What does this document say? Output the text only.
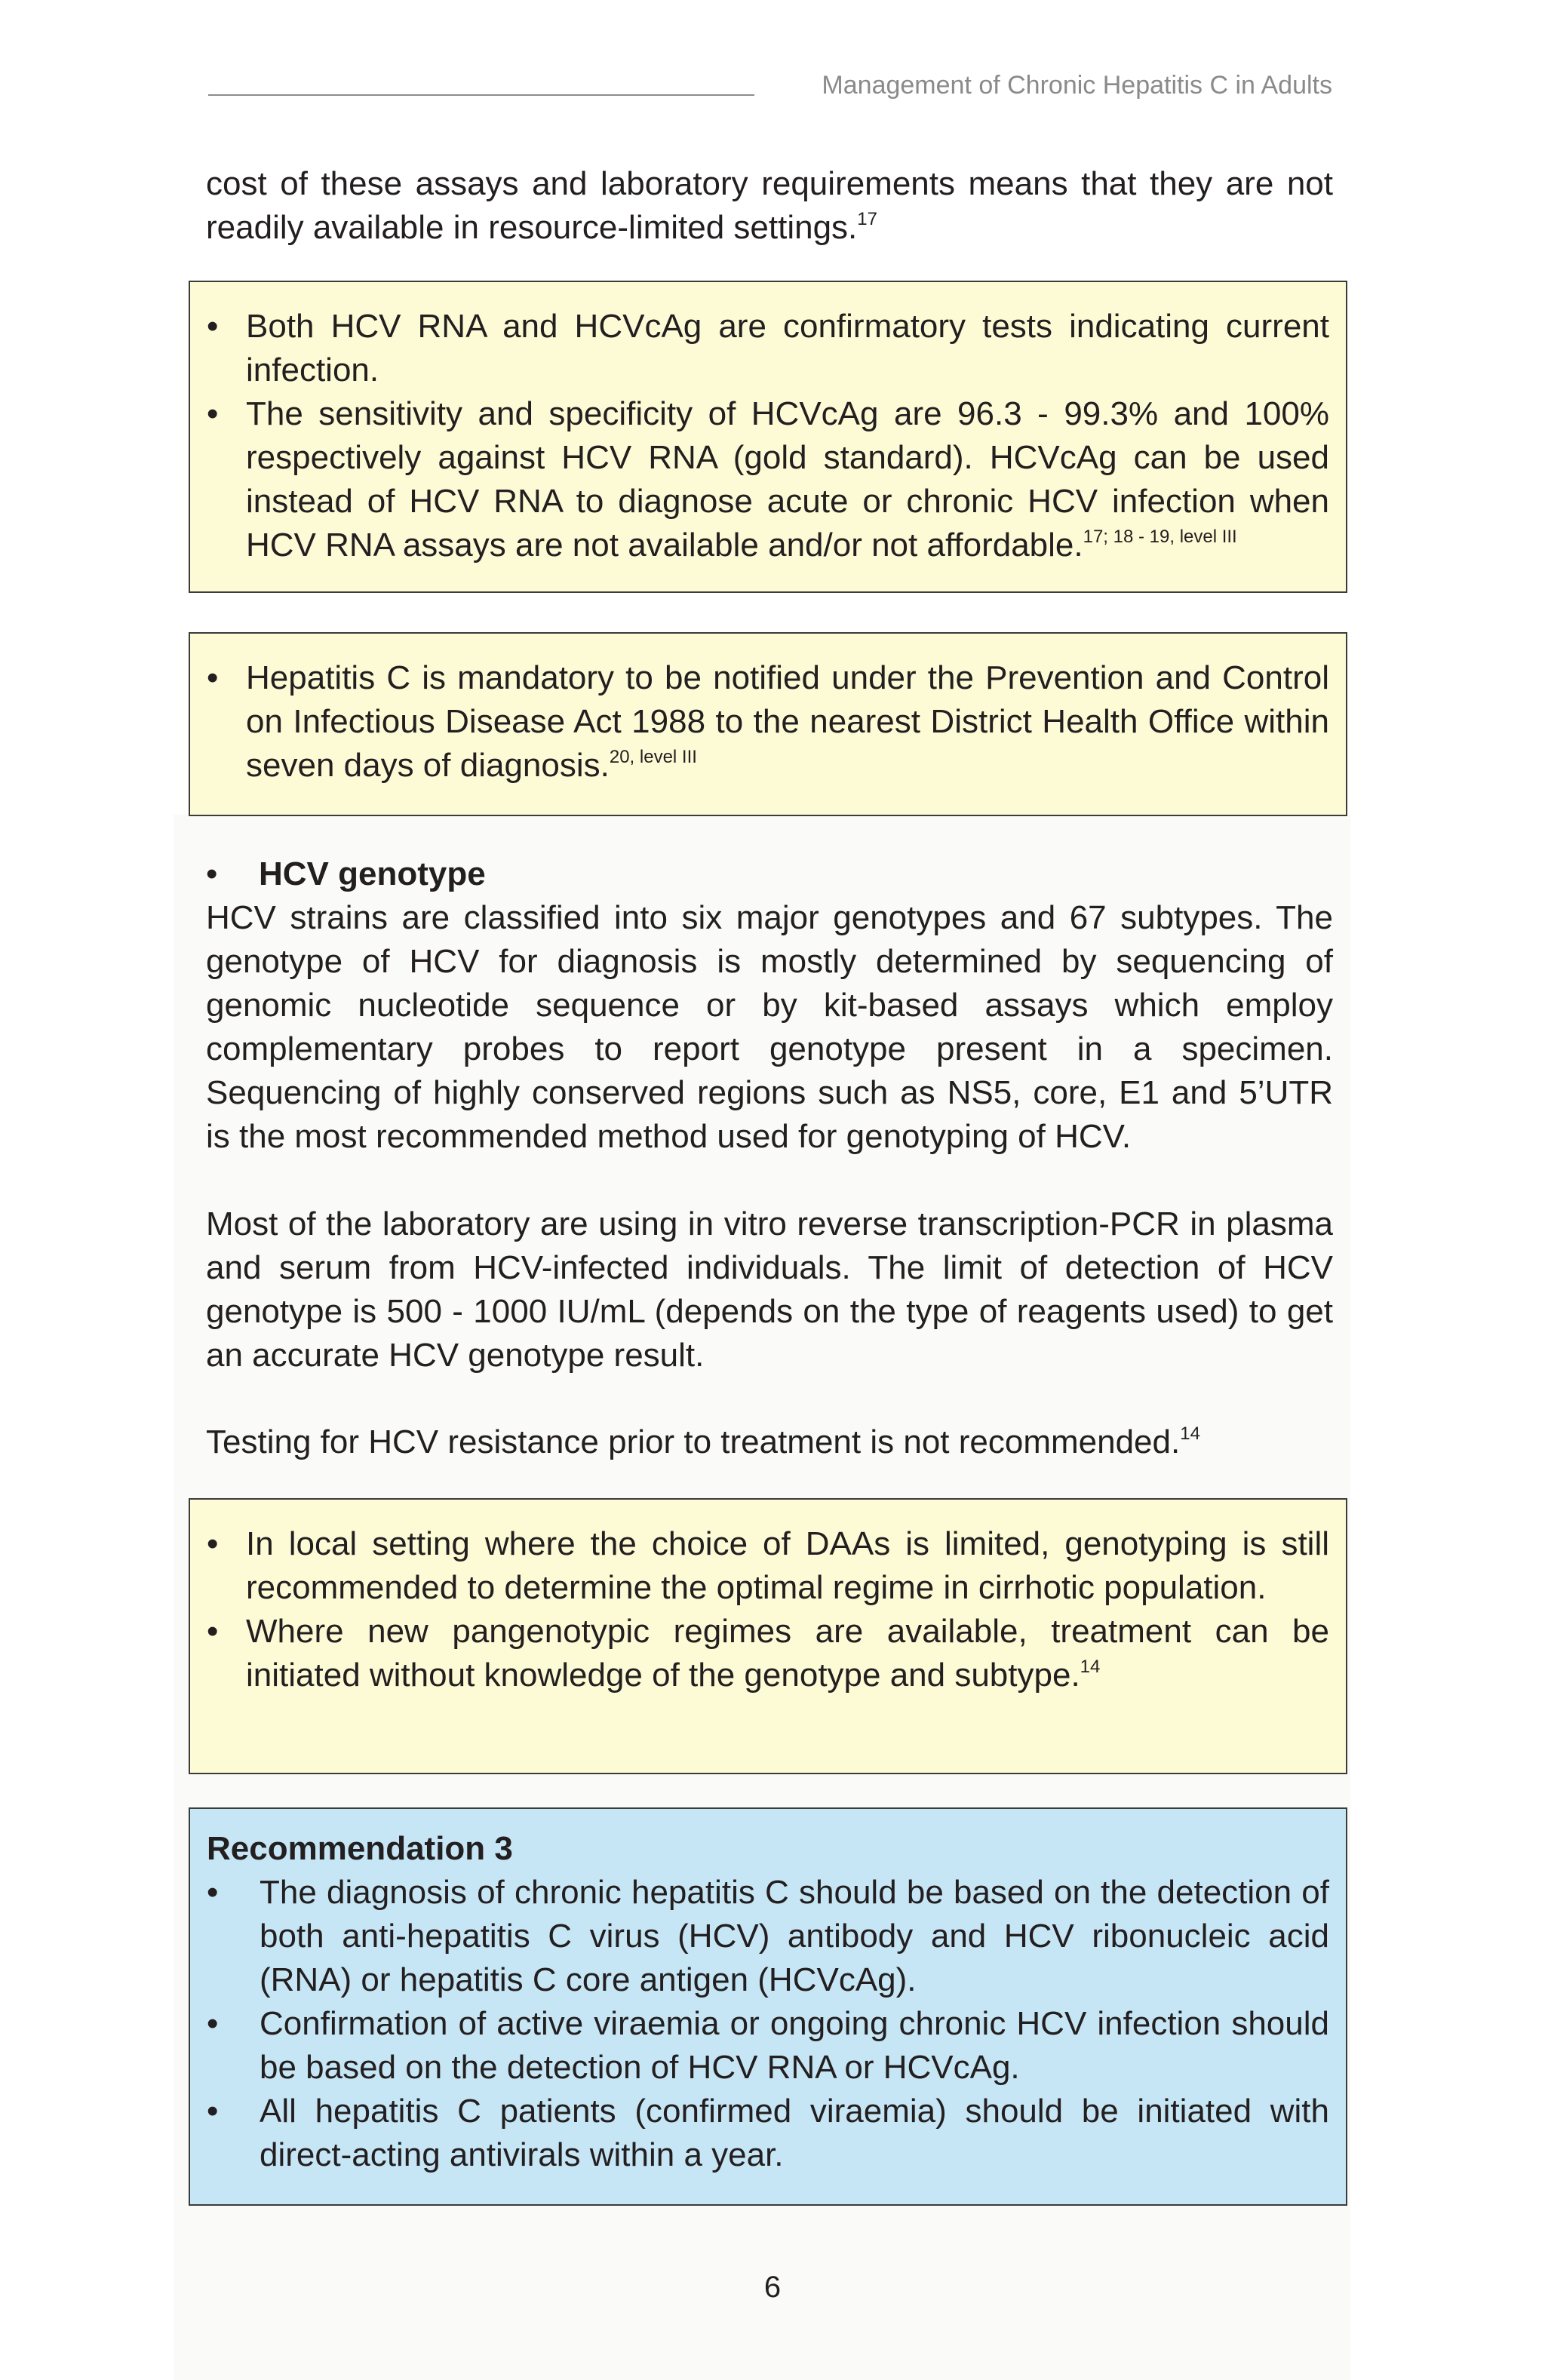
Management of Chronic Hepatitis C in Adults
cost of these assays and laboratory requirements means that they are not readily available in resource-limited settings.$^{17}$
• Both HCV RNA and HCVcAg are confirmatory tests indicating current infection.
• The sensitivity and specificity of HCVcAg are 96.3 - 99.3% and 100% respectively against HCV RNA (gold standard). HCVcAg can be used instead of HCV RNA to diagnose acute or chronic HCV infection when HCV RNA assays are not available and/or not affordable.$^{17; 18 - 19, level III}$
• Hepatitis C is mandatory to be notified under the Prevention and Control on Infectious Disease Act 1988 to the nearest District Health Office within seven days of diagnosis.$^{20, level III}$
• HCV genotype
HCV strains are classified into six major genotypes and 67 subtypes. The genotype of HCV for diagnosis is mostly determined by sequencing of genomic nucleotide sequence or by kit-based assays which employ complementary probes to report genotype present in a specimen. Sequencing of highly conserved regions such as NS5, core, E1 and 5’UTR is the most recommended method used for genotyping of HCV.
Most of the laboratory are using in vitro reverse transcription-PCR in plasma and serum from HCV-infected individuals. The limit of detection of HCV genotype is 500 - 1000 IU/mL (depends on the type of reagents used) to get an accurate HCV genotype result.
Testing for HCV resistance prior to treatment is not recommended.$^{14}$
• In local setting where the choice of DAAs is limited, genotyping is still recommended to determine the optimal regime in cirrhotic population.
• Where new pangenotypic regimes are available, treatment can be initiated without knowledge of the genotype and subtype.$^{14}$
Recommendation 3
• The diagnosis of chronic hepatitis C should be based on the detection of both anti-hepatitis C virus (HCV) antibody and HCV ribonucleic acid (RNA) or hepatitis C core antigen (HCVcAg).
• Confirmation of active viraemia or ongoing chronic HCV infection should be based on the detection of HCV RNA or HCVcAg.
• All hepatitis C patients (confirmed viraemia) should be initiated with direct-acting antivirals within a year.
6
